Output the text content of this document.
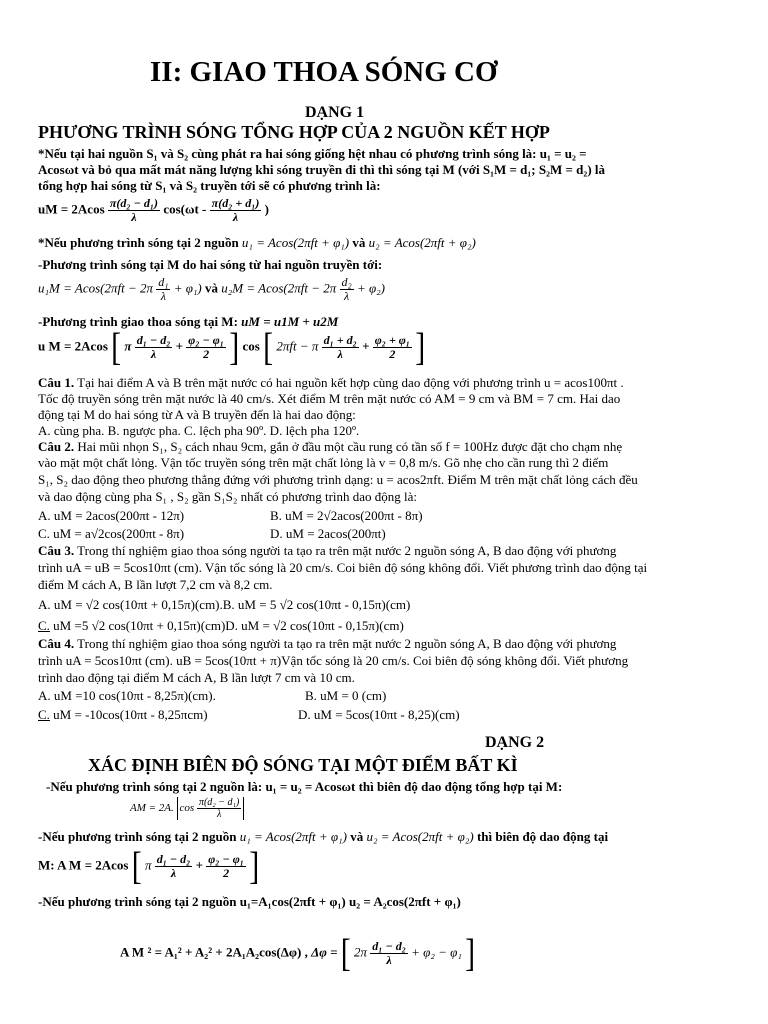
II: GIAO THOA SÓNG CƠ
DẠNG 1
PHƯƠNG TRÌNH SÓNG TỔNG HỢP CỦA 2 NGUỒN KẾT HỢP
*Nếu tại hai nguồn S₁ và S₂ cùng phát ra hai sóng giống hệt nhau có phương trình sóng là: u₁ = u₂ =
Acosωt và bỏ qua mất mát năng lượng khi sóng truyền đi thì thì sóng tại M (với S₁M = d₁; S₂M = d₂) là
tổng hợp hai sóng từ S₁ và S₂ truyền tới sẽ có phương trình là:
uM = $2Acos \frac{\text{π(d₂ − d₁)}}{\lambda} \cos(\omega t - \frac{\text{π(d₂ + d₁)}}{\lambda}$ )
*Nếu phương trình sóng tại 2 nguồn u₁ = Acos(2πft + φ₁) và u₂ = Acos(2πft + φ₂)
-Phương trình sóng tại M do hai sóng từ hai nguồn truyền tới:
$u_1M = Acos(2\pi ft - 2\pi \frac{\text{d₁}}{\lambda} + \varphi_1)$ và $u_2M = Acos(2\pi ft - 2\pi \frac{\text{d₂}}{\lambda} + \varphi_2)$
-Phương trình giao thoa sóng tại M: uM = u1M + u2M
u M = 2Acos [ π $\frac{\text{d₁ − d₂}}{\lambda} + \frac{\text{φ₂ − φ₁}}{2}$ ] cos [ 2πft − π $\frac{\text{d₁ + d₂}}{\lambda} + \frac{\text{φ₂ + φ₁}}{2}$ ]
Câu 1. Tại hai điểm A và B trên mặt nước có hai nguồn kết hợp cùng dao động với phương trình u = acos100πt .
Tốc độ truyền sóng trên mặt nước là 40 cm/s. Xét điểm M trên mặt nước có AM = 9 cm và BM = 7 cm. Hai dao
động tại M do hai sóng từ A và B truyền đến là hai dao động:
A. cùng pha. B. ngược pha. C. lệch pha 90º. D. lệch pha 120º.
Câu 2. Hai mũi nhọn S₁, S₂ cách nhau 9cm, gắn ở đầu một cầu rung có tần số f = 100Hz được đặt cho chạm nhẹ
vào mặt một chất lỏng. Vận tốc truyền sóng trên mặt chất lỏng là v = 0,8 m/s. Gõ nhẹ cho cần rung thì 2 điểm
S₁, S₂ dao động theo phương thẳng đứng với phương trình dạng: u = acos2πft. Điểm M trên mặt chất lỏng cách đều
và dao động cùng pha S₁ , S₂ gần S₁S₂ nhất có phương trình dao động là:
A. uM = 2acos(200πt - 12π)	B. uM = 2√2acos(200πt - 8π)
C. uM = a√2cos(200πt - 8π)	D. uM = 2acos(200πt)
Câu 3. Trong thí nghiệm giao thoa sóng người ta tạo ra trên mặt nước 2 nguồn sóng A, B dao động với phương
trình uA = uB = 5cos10πt (cm). Vận tốc sóng là 20 cm/s. Coi biên độ sóng không đổi. Viết phương trình dao động tại
điểm M cách A, B lần lượt 7,2 cm và 8,2 cm.
A. uM = √2 cos(10πt + 0,15π)(cm).B. uM = 5 √2 cos(10πt - 0,15π)(cm)
C. uM =5 √2 cos(10πt + 0,15π)(cm)D. uM = √2 cos(10πt - 0,15π)(cm)
Câu 4. Trong thí nghiệm giao thoa sóng người ta tạo ra trên mặt nước 2 nguồn sóng A, B dao động với phương
trình uA = 5cos10πt (cm). uB = 5cos(10πt + π)Vận tốc sóng là 20 cm/s. Coi biên độ sóng không đổi. Viết phương
trình dao động tại điểm M cách A, B lần lượt 7 cm và 10 cm.
A. uM =10 cos(10πt - 8,25π)(cm).	B. uM = 0 (cm)
C. uM = -10cos(10πt - 8,25πcm)	D. uM = 5cos(10πt - 8,25)(cm)
DẠNG 2
XÁC ĐỊNH BIÊN ĐỘ SÓNG TẠI MỘT ĐIỂM BẤT KÌ
-Nếu phương trình sóng tại 2 nguồn là: u₁ = u₂ = Acosωt thì biên độ dao động tổng hợp tại M:
AM = 2A. $\cos \frac{\text{π(d₂ − d₁)}}{\lambda}$
-Nếu phương trình sóng tại 2 nguồn u₁ = Acos(2πft + φ₁) và u₂ = Acos(2πft + φ₂) thì biên độ dao động tại
M: A M = 2Acos [ π $\frac{\text{d₁ − d₂}}{\lambda} + \frac{\text{φ₂ − φ₁}}{2}$ ]
-Nếu phương trình sóng tại 2 nguồn u₁=A₁cos(2πft + φ₁) u₂ = A₂cos(2πft + φ₁)
A M ² = A₁² + A₂² + 2A₁A₂cos(Δφ) , Δφ = [ $2\pi \frac{\text{d₁ − d₂}}{\lambda} + \varphi_2 - \varphi_1$ ]
